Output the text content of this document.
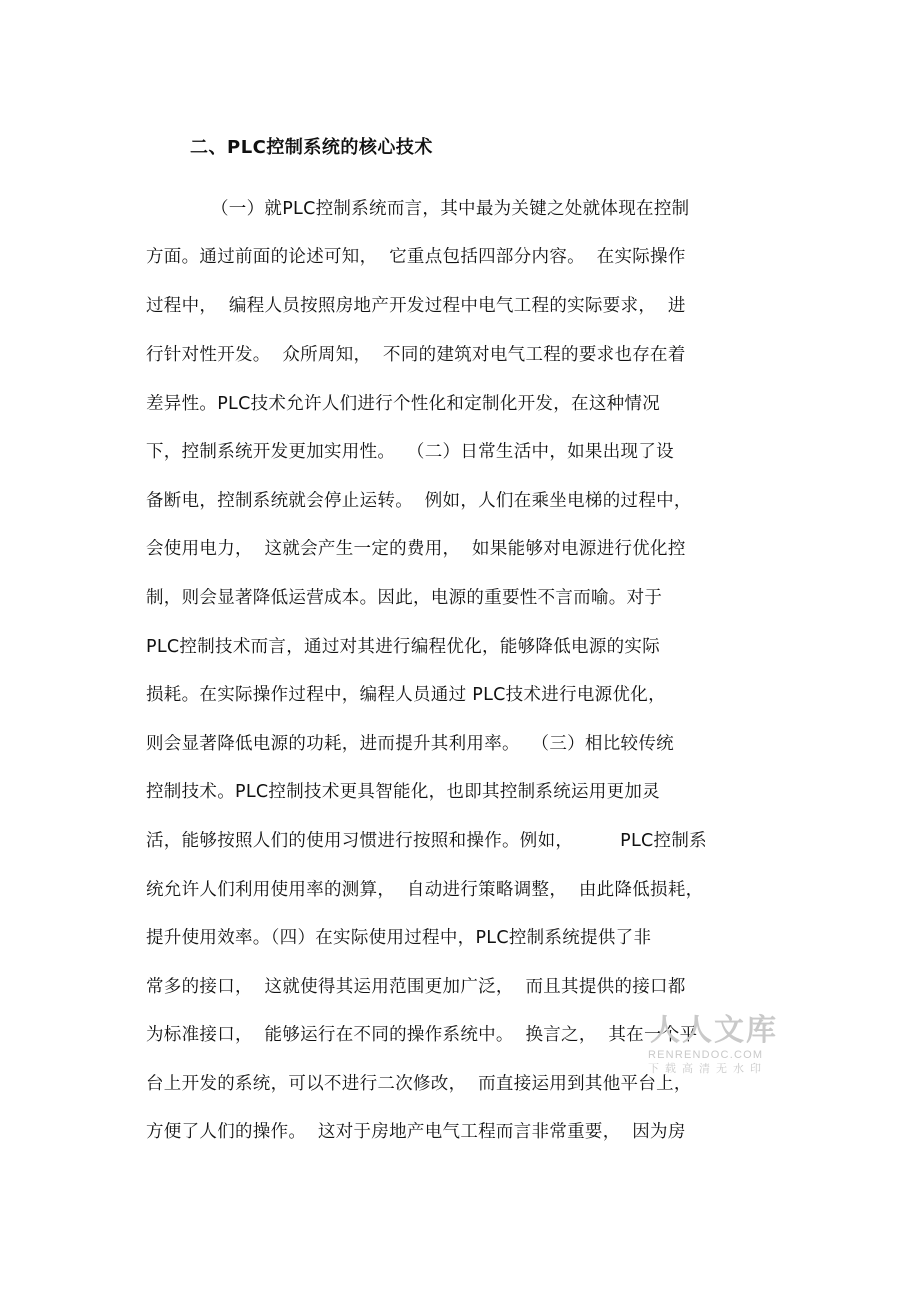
二、PLC控制系统的核心技术
（一）就PLC控制系统而言，其中最为关键之处就体现在控制
方面。通过前面的论述可知，  它重点包括四部分内容。  在实际操作
过程中，  编程人员按照房地产开发过程中电气工程的实际要求，  进
行针对性开发。  众所周知，  不同的建筑对电气工程的要求也存在着
差异性。PLC技术允许人们进行个性化和定制化开发，在这种情况
下，控制系统开发更加实用性。  （二）日常生活中，如果出现了设
备断电，控制系统就会停止运转。  例如，人们在乘坐电梯的过程中，
会使用电力，  这就会产生一定的费用，  如果能够对电源进行优化控
制，则会显著降低运营成本。因此，电源的重要性不言而喻。对于
PLC控制技术而言，通过对其进行编程优化，能够降低电源的实际
损耗。在实际操作过程中，编程人员通过 PLC技术进行电源优化，
则会显著降低电源的功耗，进而提升其利用率。  （三）相比较传统
控制技术。PLC控制技术更具智能化，也即其控制系统运用更加灵
活，能够按照人们的使用习惯进行按照和操作。例如，        PLC控制系
统允许人们利用使用率的测算，  自动进行策略调整，  由此降低损耗，
提升使用效率。（四）在实际使用过程中，PLC控制系统提供了非
常多的接口，  这就使得其运用范围更加广泛，  而且其提供的接口都
为标准接口，  能够运行在不同的操作系统中。  换言之，  其在一个平
台上开发的系统，可以不进行二次修改，  而直接运用到其他平台上，
方便了人们的操作。  这对于房地产电气工程而言非常重要，  因为房
人人文库
RENRENDOC.COM
下载高清无水印
